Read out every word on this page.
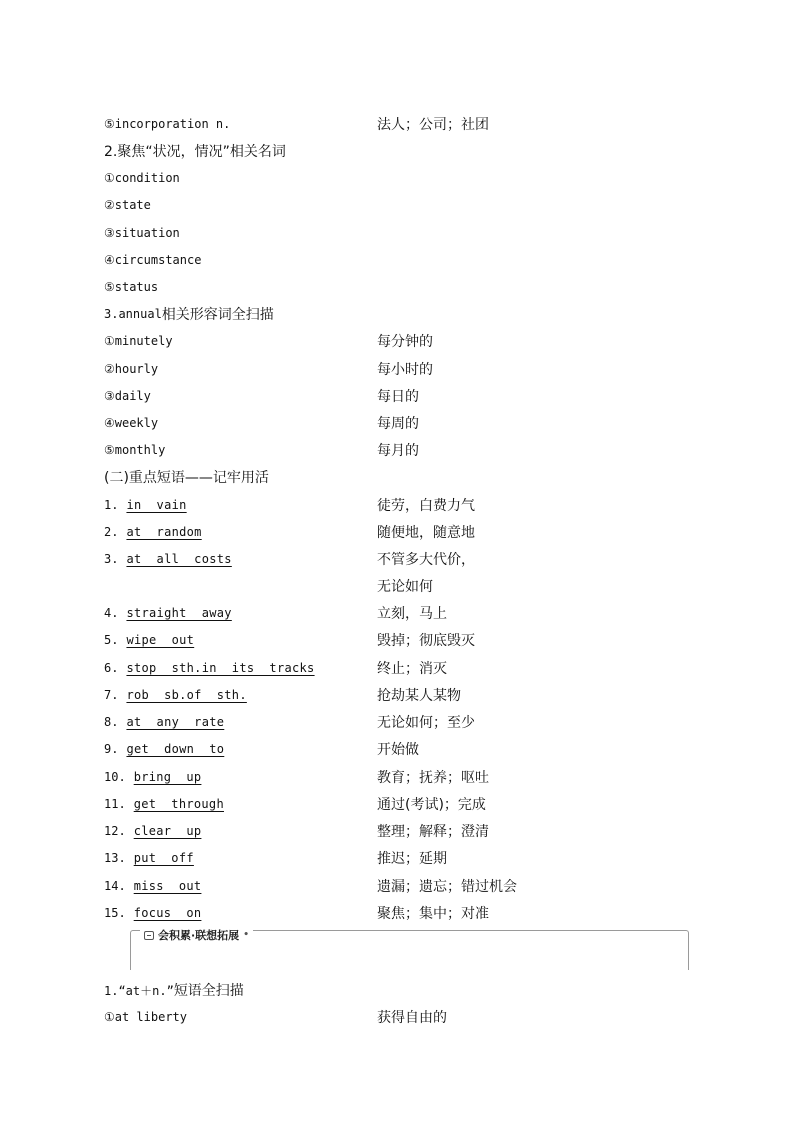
⑤incorporation n.	法人；公司；社团
2.聚焦“状况，情况”相关名词
①condition
②state
③situation
④circumstance
⑤status
3.annual 相关形容词全扫描
①minutely	每分钟的
②hourly	每小时的
③daily	每日的
④weekly	每周的
⑤monthly	每月的
(二)重点短语——记牢用活
1. in  vain	徒劳，白费力气
2. at  random	随便地，随意地
3. at  all  costs	不管多大代价，
无论如何
4. straight  away	立刻，马上
5. wipe  out	毁掉；彻底毁灭
6. stop  sth.in  its  tracks	终止；消灭
7. rob  sb.of  sth.	抢劫某人某物
8. at  any  rate	无论如何；至少
9. get  down  to	开始做
10. bring  up	教育；抚养；呕吐
11. get  through	通过(考试)；完成
12. clear  up	整理；解释；澄清
13. put  off	推迟；延期
14. miss  out	遗漏；遗忘；错过机会
15. focus  on	聚焦；集中；对准
会积累·联想拓展 •
1.“at＋n.” 短语全扫描
①at liberty	获得自由的
